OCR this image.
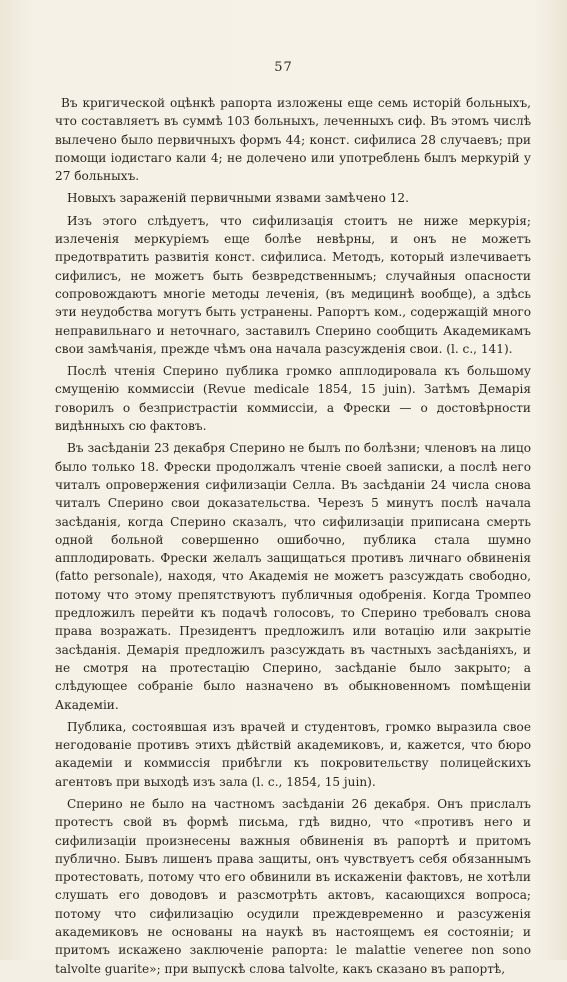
57

Въ кригической оцѣнкѣ рапорта изложены еще семь исторiй больныхъ, что составляетъ въ суммѣ 103 больныхъ, леченныхъ сиф. Въ этомъ числѣ вылечено было первичныхъ формъ 44; конст. сифилиса 28 случаевъ; при помощи iодистаго кали 4; не долечено или употреблень былъ меркурiй у 27 больныхъ.

Новыхъ зараженiй первичными язвами замѣчено 12.

Изъ этого слѣдуетъ, что сифилизацiя стоитъ не ниже меркурiя; излеченiя меркурiемъ еще болѣе невѣрны, и онъ не можетъ предотвратить развитiя конст. сифилиса. Методъ, который излечиваетъ сифилисъ, не можетъ быть безвредственнымъ; случайныя опасности сопровождаютъ многiе методы леченiя, (въ медицинѣ вообще), а здѣсь эти неудобства могутъ быть устранены. Рапортъ ком., содержащiй много неправильнаго и неточнаго, заставилъ Сперино сообщить Академикамъ свои замѣчанiя, прежде чѣмъ она начала разсужденiя свои. (l. c., 141).

Послѣ чтенiя Сперино публика громко апплодировала къ большому смущенiю коммиссiи (Revue medicale 1854, 15 juin). Затѣмъ Демарiя говорилъ о безпристрастiи коммиссiи, а Фрески — о достовѣрности видѣнныхъ сю фактовъ.

Въ засѣданiи 23 декабря Сперино не былъ по болѣзни; членовъ на лицо было только 18. Фрески продолжалъ чтенiе своей записки, а послѣ него читалъ опровержения сифилизацiи Селла. Въ засѣданiи 24 числа снова читалъ Сперино свои доказательства. Черезъ 5 минутъ послѣ начала засѣданiя, когда Сперино сказалъ, что сифилизацiи приписана смерть одной больной совершенно ошибочно, публика стала шумно апплодировать. Фрески желалъ защищаться противъ личнаго обвиненiя (fatto personale), находя, что Академiя не можетъ разсуждать свободно, потому что этому препятствуютъ публичныя одобренiя. Когда Тромпео предложилъ перейти къ подачѣ голосовъ, то Сперино требовалъ снова права возражать. Президентъ предложилъ или вотацiю или закрытiе засѣданiя. Демарiя предложилъ разсуждать въ частныхъ засѣданiяхъ, и не смотря на протестацiю Сперино, засѣданiе было закрыто; а слѣдующее собранiе было назначено въ обыкновенномъ помѣщенiи Академiи.

Публика, состоявшая изъ врачей и студентовъ, громко выразила свое негодованiе противъ этихъ дѣйствiй академиковъ, и, кажется, что бюро академiи и коммиссiя прибѣгли къ покровительству полицейскихъ агентовъ при выходѣ изъ зала (l. c., 1854, 15 juin).

Сперино не было на частномъ засѣданiи 26 декабря. Онъ прислалъ протестъ свой въ формѣ письма, гдѣ видно, что «противъ него и сифилизацiи произнесены важныя обвиненiя въ рапортѣ и притомъ публично. Бывъ лишенъ права защиты, онъ чувствуетъ себя обязаннымъ протестовать, потому что его обвинили въ искаженiи фактовъ, не хотѣли слушать его доводовъ и разсмотрѣть актовъ, касающихся вопроса; потому что сифилизацiю осудили преждевременно и разсуженiя академиковъ не основаны на наукѣ въ настоящемъ ея состоянiи; и притомъ искажено заключенiе рапорта: le malattie venerее non sono talvolte guarite»; при выпускѣ слова talvolte, какъ сказано въ рапортѣ,
